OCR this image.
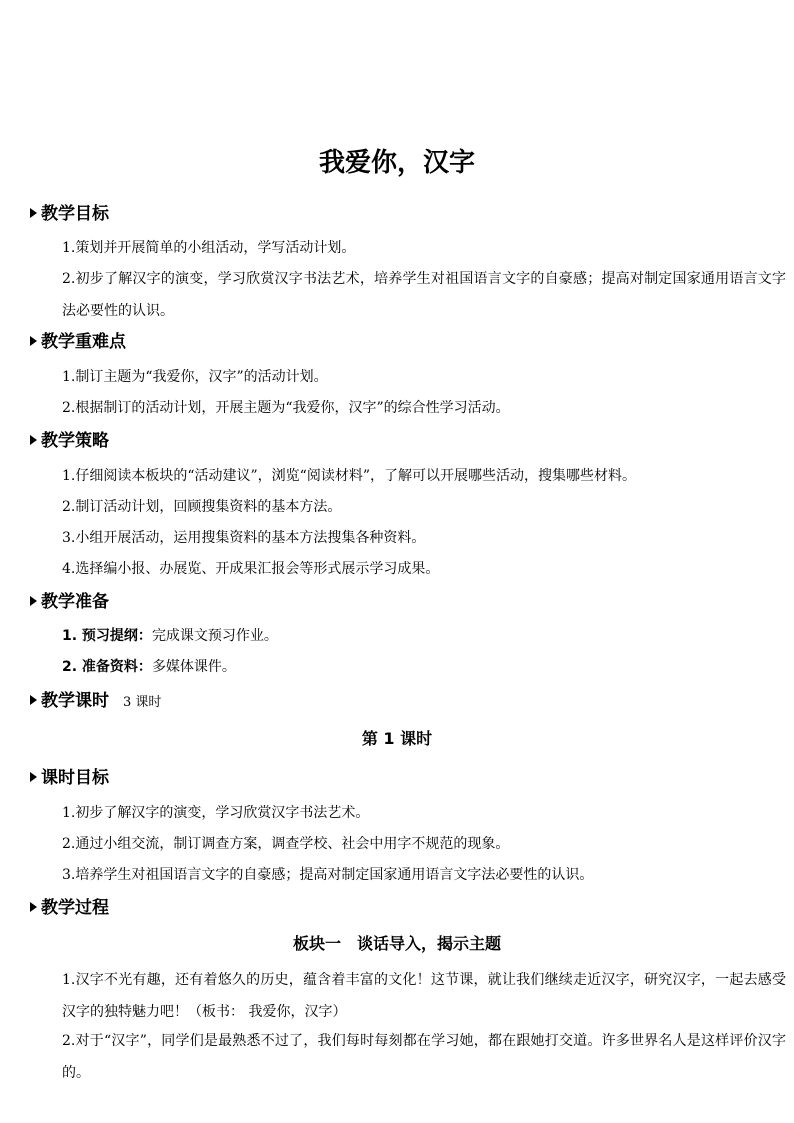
我爱你，汉字
教学目标
1.策划并开展简单的小组活动，学写活动计划。
2.初步了解汉字的演变，学习欣赏汉字书法艺术，培养学生对祖国语言文字的自豪感；提高对制定国家通用语言文字法必要性的认识。
教学重难点
1.制订主题为“我爱你，汉字”的活动计划。
2.根据制订的活动计划，开展主题为“我爱你，汉字”的综合性学习活动。
教学策略
1.仔细阅读本板块的“活动建议”，浏览“阅读材料”，了解可以开展哪些活动，搜集哪些材料。
2.制订活动计划，回顾搜集资料的基本方法。
3.小组开展活动，运用搜集资料的基本方法搜集各种资料。
4.选择编小报、办展览、开成果汇报会等形式展示学习成果。
教学准备
1. 预习提纲：完成课文预习作业。
2. 准备资料：多媒体课件。
教学课时 3 课时
第 1 课时
课时目标
1.初步了解汉字的演变，学习欣赏汉字书法艺术。
2.通过小组交流，制订调查方案，调查学校、社会中用字不规范的现象。
3.培养学生对祖国语言文字的自豪感；提高对制定国家通用语言文字法必要性的认识。
教学过程
板块一　谈话导入，揭示主题
1.汉字不光有趣，还有着悠久的历史，蕴含着丰富的文化！这节课，就让我们继续走近汉字，研究汉字，一起去感受汉字的独特魅力吧！（板书： 我爱你，汉字）
2.对于“汉字”，同学们是最熟悉不过了，我们每时每刻都在学习她，都在跟她打交道。许多世界名人是这样评价汉字的。
